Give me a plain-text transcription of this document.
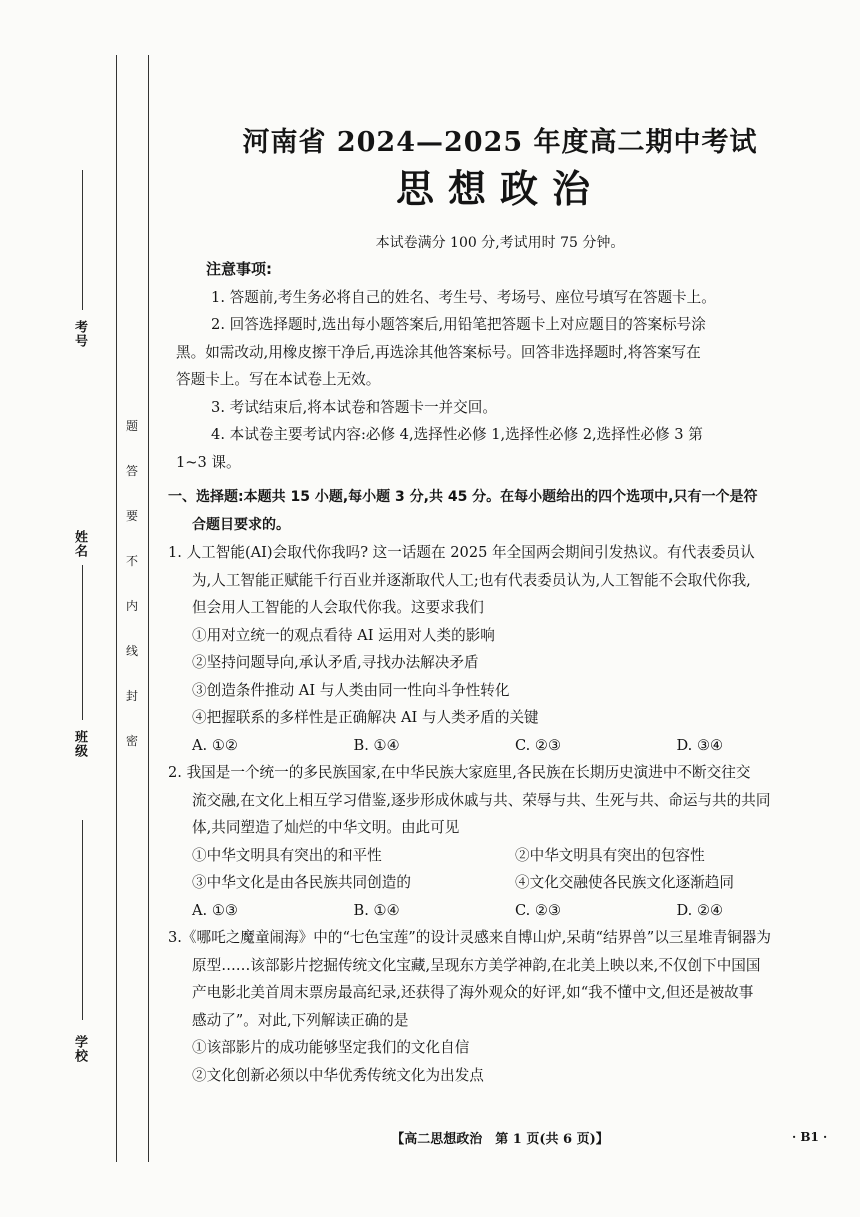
考号
姓名
班级
学校
题
答
要
不
内
线
封
密
河南省 2024—2025 年度高二期中考试
思想政治
本试卷满分 100 分,考试用时 75 分钟。

注意事项:

1. 答题前,考生务必将自己的姓名、考生号、考场号、座位号填写在答题卡上。

2. 回答选择题时,选出每小题答案后,用铅笔把答题卡上对应题目的答案标号涂

黑。如需改动,用橡皮擦干净后,再选涂其他答案标号。回答非选择题时,将答案写在

答题卡上。写在本试卷上无效。

3. 考试结束后,将本试卷和答题卡一并交回。

4. 本试卷主要考试内容:必修 4,选择性必修 1,选择性必修 2,选择性必修 3 第

1~3 课。

一、选择题:本题共 15 小题,每小题 3 分,共 45 分。在每小题给出的四个选项中,只有一个是符

合题目要求的。

1. 人工智能(AI)会取代你我吗? 这一话题在 2025 年全国两会期间引发热议。有代表委员认

为,人工智能正赋能千行百业并逐渐取代人工;也有代表委员认为,人工智能不会取代你我,

但会用人工智能的人会取代你我。这要求我们

①用对立统一的观点看待 AI 运用对人类的影响

②坚持问题导向,承认矛盾,寻找办法解决矛盾

③创造条件推动 AI 与人类由同一性向斗争性转化

④把握联系的多样性是正确解决 AI 与人类矛盾的关键

A. ①②	B. ①④	C. ②③	D. ③④

2. 我国是一个统一的多民族国家,在中华民族大家庭里,各民族在长期历史演进中不断交往交

流交融,在文化上相互学习借鉴,逐步形成休戚与共、荣辱与共、生死与共、命运与共的共同

体,共同塑造了灿烂的中华文明。由此可见

①中华文明具有突出的和平性	②中华文明具有突出的包容性

③中华文化是由各民族共同创造的	④文化交融使各民族文化逐渐趋同

A. ①③	B. ①④	C. ②③	D. ②④

3.《哪吒之魔童闹海》中的“七色宝莲”的设计灵感来自博山炉,呆萌“结界兽”以三星堆青铜器为

原型……该部影片挖掘传统文化宝藏,呈现东方美学神韵,在北美上映以来,不仅创下中国国

产电影北美首周末票房最高纪录,还获得了海外观众的好评,如“我不懂中文,但还是被故事

感动了”。对此,下列解读正确的是

①该部影片的成功能够坚定我们的文化自信

②文化创新必须以中华优秀传统文化为出发点

【高二思想政治　第 1 页(共 6 页)】	· B1 ·
